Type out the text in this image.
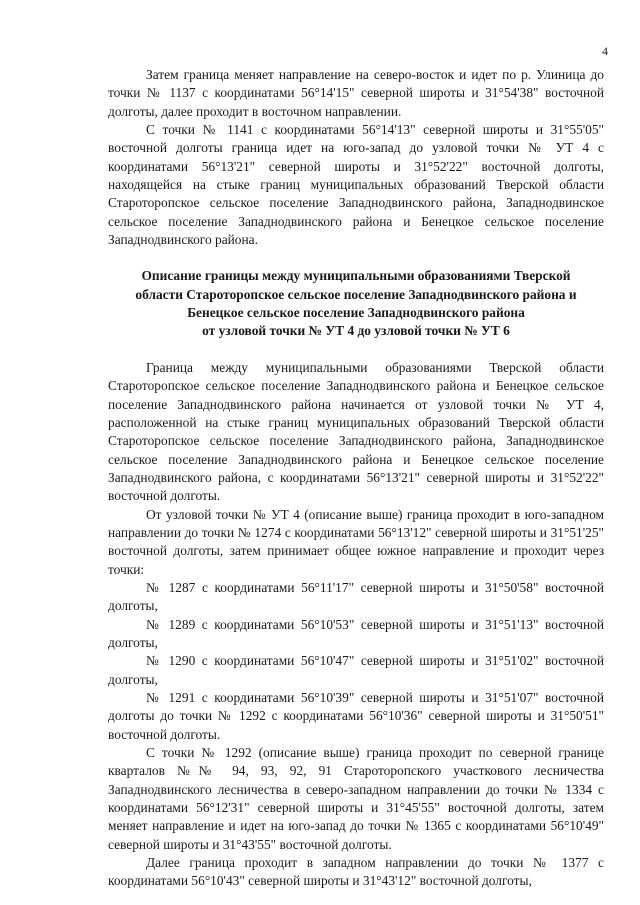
4

Затем граница меняет направление на северо-восток и идет по р. Улиница до точки № 1137 с координатами 56°14'15" северной широты и 31°54'38" восточной долготы, далее проходит в восточном направлении.

С точки № 1141 с координатами 56°14'13" северной широты и 31°55'05" восточной долготы граница идет на юго-запад до узловой точки № УТ 4 с координатами 56°13'21" северной широты и 31°52'22" восточной долготы, находящейся на стыке границ муниципальных образований Тверской области Староторопское сельское поселение Западнодвинского района, Западнодвинское сельское поселение Западнодвинского района и Бенецкое сельское поселение Западнодвинского района.

Описание границы между муниципальными образованиями Тверской
области Староторопское сельское поселение Западнодвинского района и
Бенецкое сельское поселение Западнодвинского района
от узловой точки № УТ 4 до узловой точки № УТ 6

Граница между муниципальными образованиями Тверской области Староторопское сельское поселение Западнодвинского района и Бенецкое сельское поселение Западнодвинского района начинается от узловой точки № УТ 4, расположенной на стыке границ муниципальных образований Тверской области Староторопское сельское поселение Западнодвинского района, Западнодвинское сельское поселение Западнодвинского района и Бенецкое сельское поселение Западнодвинского района, с координатами 56°13'21" северной широты и 31°52'22" восточной долготы.

От узловой точки № УТ 4 (описание выше) граница проходит в юго-западном направлении до точки № 1274 с координатами 56°13'12" северной широты и 31°51'25" восточной долготы, затем принимает общее южное направление и проходит через точки:

№ 1287 с координатами 56°11'17" северной широты и 31°50'58" восточной долготы,

№ 1289 с координатами 56°10'53" северной широты и 31°51'13" восточной долготы,

№ 1290 с координатами 56°10'47" северной широты и 31°51'02" восточной долготы,

№ 1291 с координатами 56°10'39" северной широты и 31°51'07" восточной долготы до точки № 1292 с координатами 56°10'36" северной широты и 31°50'51" восточной долготы.

С точки № 1292 (описание выше) граница проходит по северной границе кварталов №№ 94, 93, 92, 91 Староторопского участкового лесничества Западнодвинского лесничества в северо-западном направлении до точки № 1334 с координатами 56°12'31" северной широты и 31°45'55" восточной долготы, затем меняет направление и идет на юго-запад до точки № 1365 с координатами 56°10'49" северной широты и 31°43'55" восточной долготы.

Далее граница проходит в западном направлении до точки № 1377 с координатами 56°10'43" северной широты и 31°43'12" восточной долготы,
